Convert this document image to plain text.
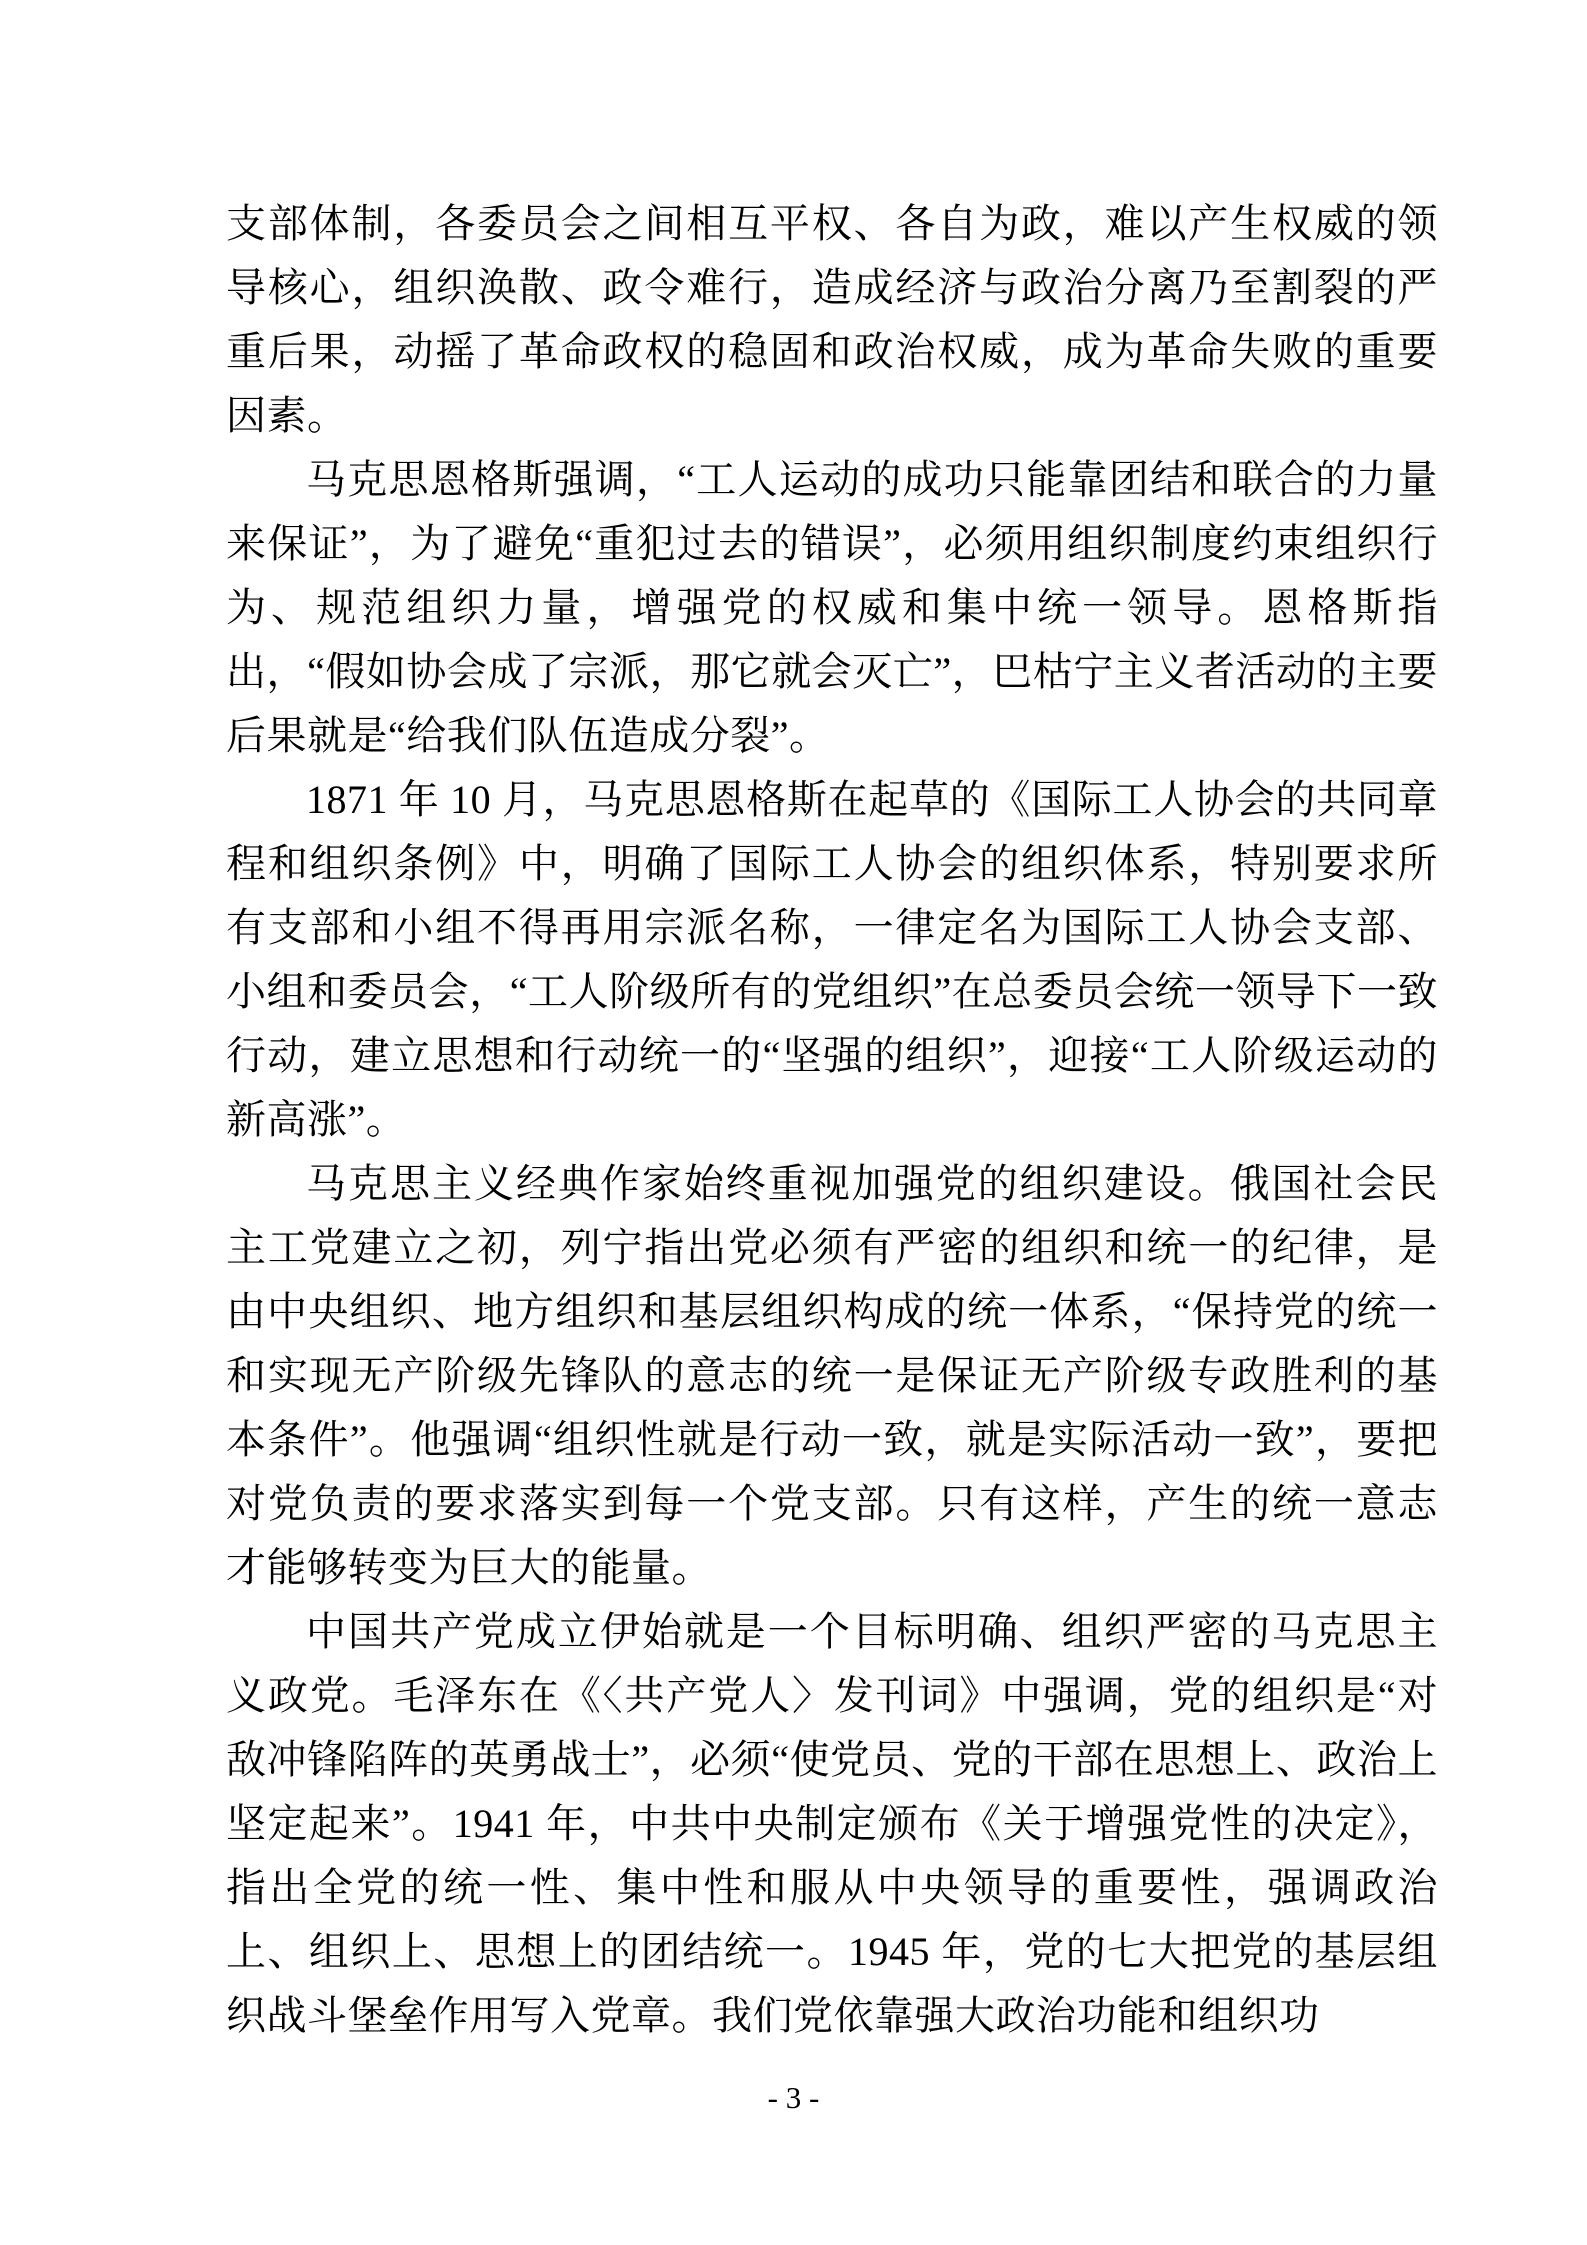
支部体制，各委员会之间相互平权、各自为政，难以产生权威的领导核心，组织涣散、政令难行，造成经济与政治分离乃至割裂的严重后果，动摇了革命政权的稳固和政治权威，成为革命失败的重要因素。

马克思恩格斯强调，“工人运动的成功只能靠团结和联合的力量来保证”，为了避免“重犯过去的错误”，必须用组织制度约束组织行为、规范组织力量，增强党的权威和集中统一领导。恩格斯指出，“假如协会成了宗派，那它就会灭亡”，巴枯宁主义者活动的主要后果就是“给我们队伍造成分裂”。

1871 年 10 月，马克思恩格斯在起草的《国际工人协会的共同章程和组织条例》中，明确了国际工人协会的组织体系，特别要求所有支部和小组不得再用宗派名称，一律定名为国际工人协会支部、小组和委员会，“工人阶级所有的党组织”在总委员会统一领导下一致行动，建立思想和行动统一的“坚强的组织”，迎接“工人阶级运动的新高涨”。

马克思主义经典作家始终重视加强党的组织建设。俄国社会民主工党建立之初，列宁指出党必须有严密的组织和统一的纪律，是由中央组织、地方组织和基层组织构成的统一体系，“保持党的统一和实现无产阶级先锋队的意志的统一是保证无产阶级专政胜利的基本条件”。他强调“组织性就是行动一致，就是实际活动一致”，要把对党负责的要求落实到每一个党支部。只有这样，产生的统一意志才能够转变为巨大的能量。

中国共产党成立伊始就是一个目标明确、组织严密的马克思主义政党。毛泽东在《〈共产党人〉发刊词》中强调，党的组织是“对敌冲锋陷阵的英勇战士”，必须“使党员、党的干部在思想上、政治上坚定起来”。1941 年，中共中央制定颁布《关于增强党性的决定》，指出全党的统一性、集中性和服从中央领导的重要性，强调政治上、组织上、思想上的团结统一。1945 年，党的七大把党的基层组织战斗堡垒作用写入党章。我们党依靠强大政治功能和组织功

- 3 -
